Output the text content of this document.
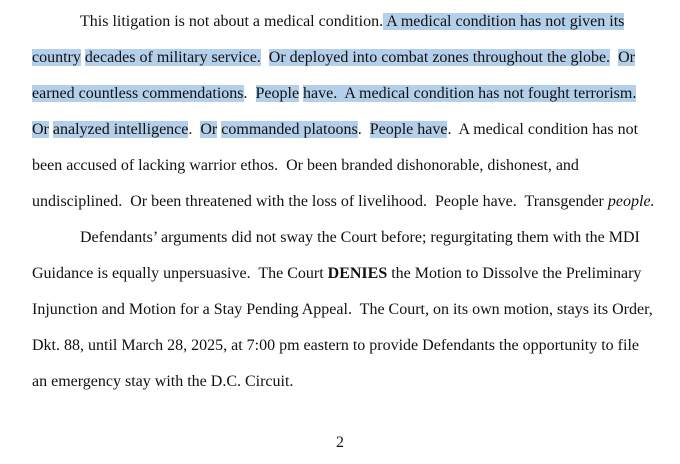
This litigation is not about a medical condition. A medical condition has not given its
country decades of military service. Or deployed into combat zones throughout the globe. Or
earned countless commendations.  People have.  A medical condition has not fought terrorism.
Or analyzed intelligence.  Or commanded platoons.  People have.  A medical condition has not
been accused of lacking warrior ethos.  Or been branded dishonorable, dishonest, and
undisciplined.  Or been threatened with the loss of livelihood.  People have.  Transgender people.
Defendants’ arguments did not sway the Court before; regurgitating them with the MDI
Guidance is equally unpersuasive.  The Court DENIES the Motion to Dissolve the Preliminary
Injunction and Motion for a Stay Pending Appeal.  The Court, on its own motion, stays its Order,
Dkt. 88, until March 28, 2025, at 7:00 pm eastern to provide Defendants the opportunity to file
an emergency stay with the D.C. Circuit.
2
